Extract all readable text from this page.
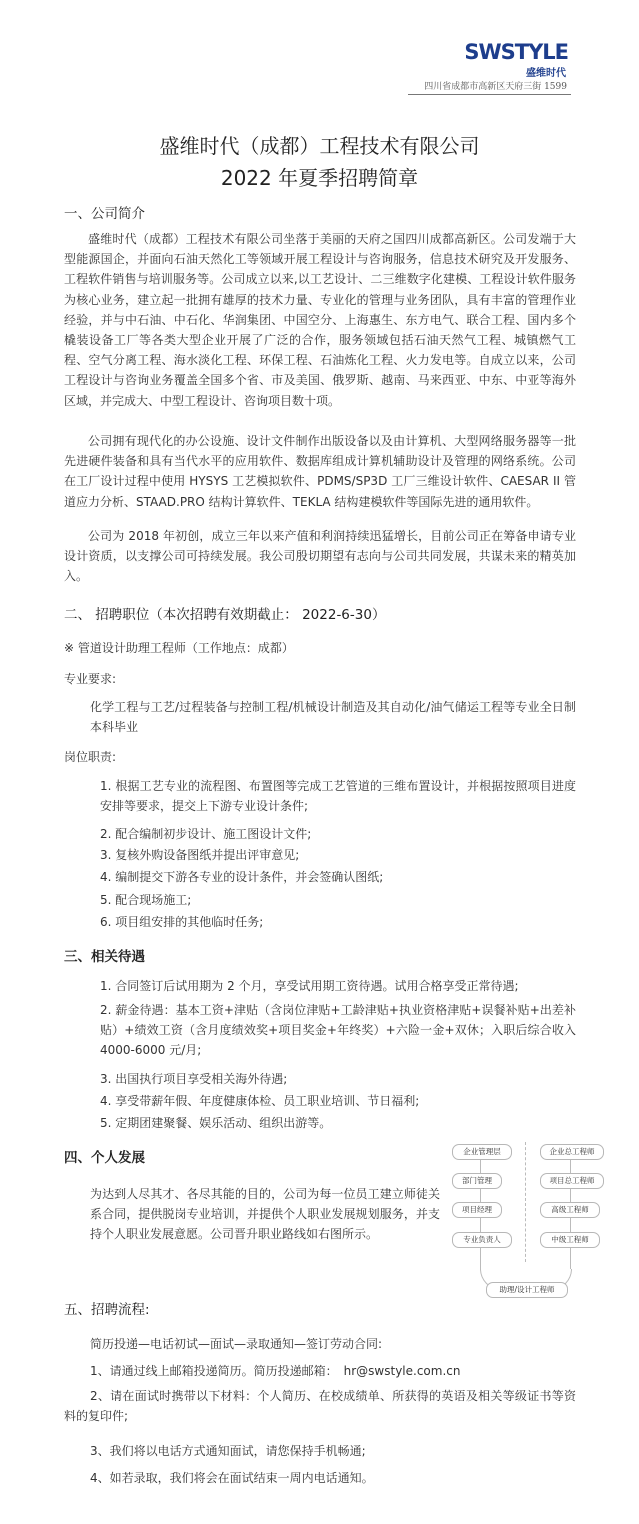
SWSTYLE
盛维时代
四川省成都市高新区天府三街 1599
盛维时代（成都）工程技术有限公司
2022 年夏季招聘简章
一、公司简介

盛维时代（成都）工程技术有限公司坐落于美丽的天府之国四川成都高新区。公司发端于大型能源国企，并面向石油天然化工等领域开展工程设计与咨询服务，信息技术研究及开发服务、工程软件销售与培训服务等。公司成立以来,以工艺设计、二三维数字化建模、工程设计软件服务为核心业务，建立起一批拥有雄厚的技术力量、专业化的管理与业务团队，具有丰富的管理作业经验，并与中石油、中石化、华润集团、中国空分、上海惠生、东方电气、联合工程、国内多个橇装设备工厂等各类大型企业开展了广泛的合作，服务领域包括石油天然气工程、城镇燃气工程、空气分离工程、海水淡化工程、环保工程、石油炼化工程、火力发电等。自成立以来，公司工程设计与咨询业务覆盖全国多个省、市及美国、俄罗斯、越南、马来西亚、中东、中亚等海外区域，并完成大、中型工程设计、咨询项目数十项。

公司拥有现代化的办公设施、设计文件制作出版设备以及由计算机、大型网络服务器等一批先进硬件装备和具有当代水平的应用软件、数据库组成计算机辅助设计及管理的网络系统。公司在工厂设计过程中使用 HYSYS 工艺模拟软件、PDMS/SP3D 工厂三维设计软件、CAESAR II 管道应力分析、STAAD.PRO 结构计算软件、TEKLA 结构建模软件等国际先进的通用软件。

公司为 2018 年初创，成立三年以来产值和利润持续迅猛增长，目前公司正在筹备申请专业设计资质，以支撑公司可持续发展。我公司殷切期望有志向与公司共同发展，共谋未来的精英加入。

二、 招聘职位（本次招聘有效期截止： 2022-6-30）
※ 管道设计助理工程师（工作地点：成都）
专业要求:

化学工程与工艺/过程装备与控制工程/机械设计制造及其自动化/油气储运工程等专业全日制本科毕业

岗位职责:

1. 根据工艺专业的流程图、布置图等完成工艺管道的三维布置设计，并根据按照项目进度安排等要求，提交上下游专业设计条件;

2. 配合编制初步设计、施工图设计文件;
3. 复核外购设备图纸并提出评审意见;
4. 编制提交下游各专业的设计条件，并会签确认图纸;
5. 配合现场施工;
6. 项目组安排的其他临时任务;
三、相关待遇
1. 合同签订后试用期为 2 个月，享受试用期工资待遇。试用合格享受正常待遇;

2. 薪金待遇：基本工资+津贴（含岗位津贴+工龄津贴+执业资格津贴+误餐补贴+出差补贴）+绩效工资（含月度绩效奖+项目奖金+年终奖）+六险一金+双休；入职后综合收入 4000-6000 元/月;

3. 出国执行项目享受相关海外待遇;
4. 享受带薪年假、年度健康体检、员工职业培训、节日福利;
5. 定期团建聚餐、娱乐活动、组织出游等。
四、个人发展

为达到人尽其才、各尽其能的目的，公司为每一位员工建立师徒关系合同，提供脱岗专业培训，并提供个人职业发展规划服务，并支持个人职业发展意愿。公司晋升职业路线如右图所示。

企业管理层
部门管理
项目经理
专业负责人
企业总工程师
项目总工程师
高级工程师
中级工程师
助理/设计工程师
五、招聘流程:
简历投递—电话初试—面试—录取通知—签订劳动合同:
1、请通过线上邮箱投递简历。简历投递邮箱： hr@swstyle.com.cn

2、请在面试时携带以下材料：个人简历、在校成绩单、所获得的英语及相关等级证书等资料的复印件;

3、我们将以电话方式通知面试，请您保持手机畅通;
4、如若录取，我们将会在面试结束一周内电话通知。
